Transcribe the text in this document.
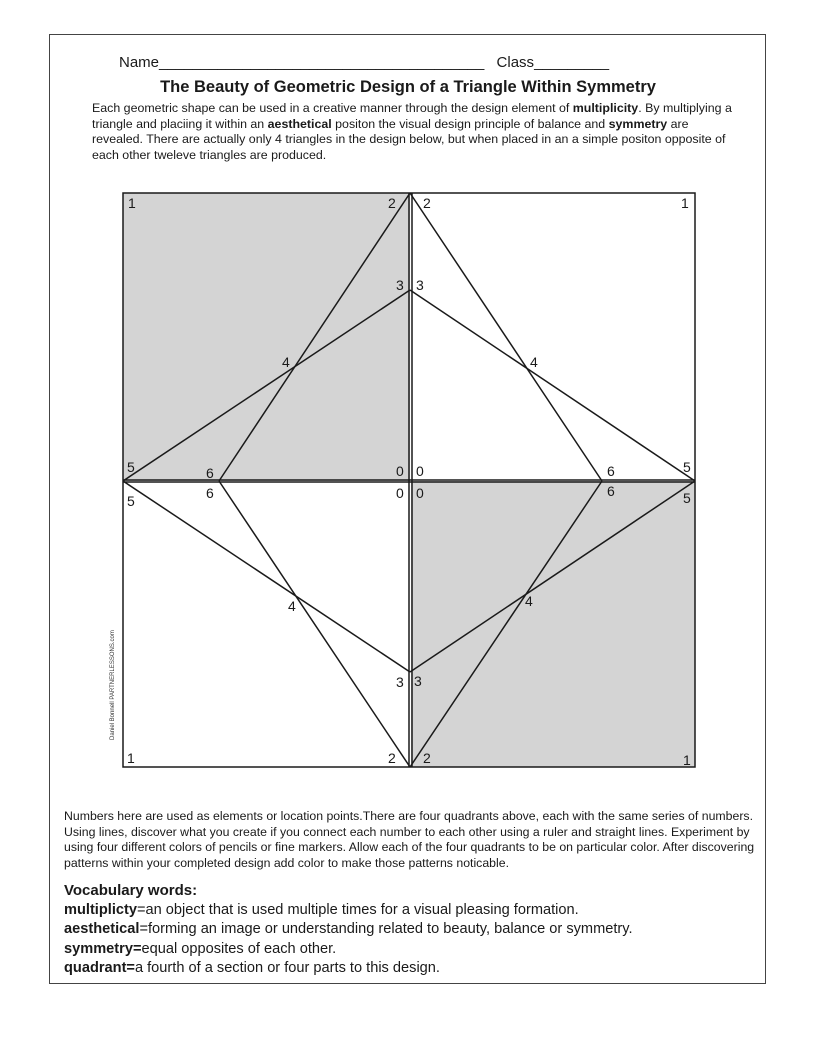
Name_______________________________________ Class_________
The Beauty of Geometric Design of a Triangle Within Symmetry
Each geometric shape can be used in a creative manner through the design element of multiplicity. By multiplying a triangle and placiing it within an aesthetical positon the visual design principle of balance and symmetry are revealed. There are actually only 4 triangles in the design below, but when placed in an a simple positon opposite of each other tweleve triangles are produced.
1	2
3
4
5	6	0
2	1
3
4
5
6
0
6
5	0
4
3
1	2
0	6	5
4
3
2	1
Daniel Bonnell PARTNERLESSONS.com
Numbers here are used as elements or location points.There are four quadrants above, each with the same series of numbers. Using lines, discover what you create if you connect each number to each other using a ruler and straight lines. Experiment by using four different colors of pencils or fine markers. Allow each of the four quadrants to be on particular color. After discovering patterns within your completed design add color to make those patterns noticable.
Vocabulary words:
multiplicty=an object that is used multiple times for a visual pleasing formation.
aesthetical=forming an image or understanding related to beauty, balance or symmetry.
symmetry=equal opposites of each other.
quadrant=a fourth of a section or four parts to this design.
